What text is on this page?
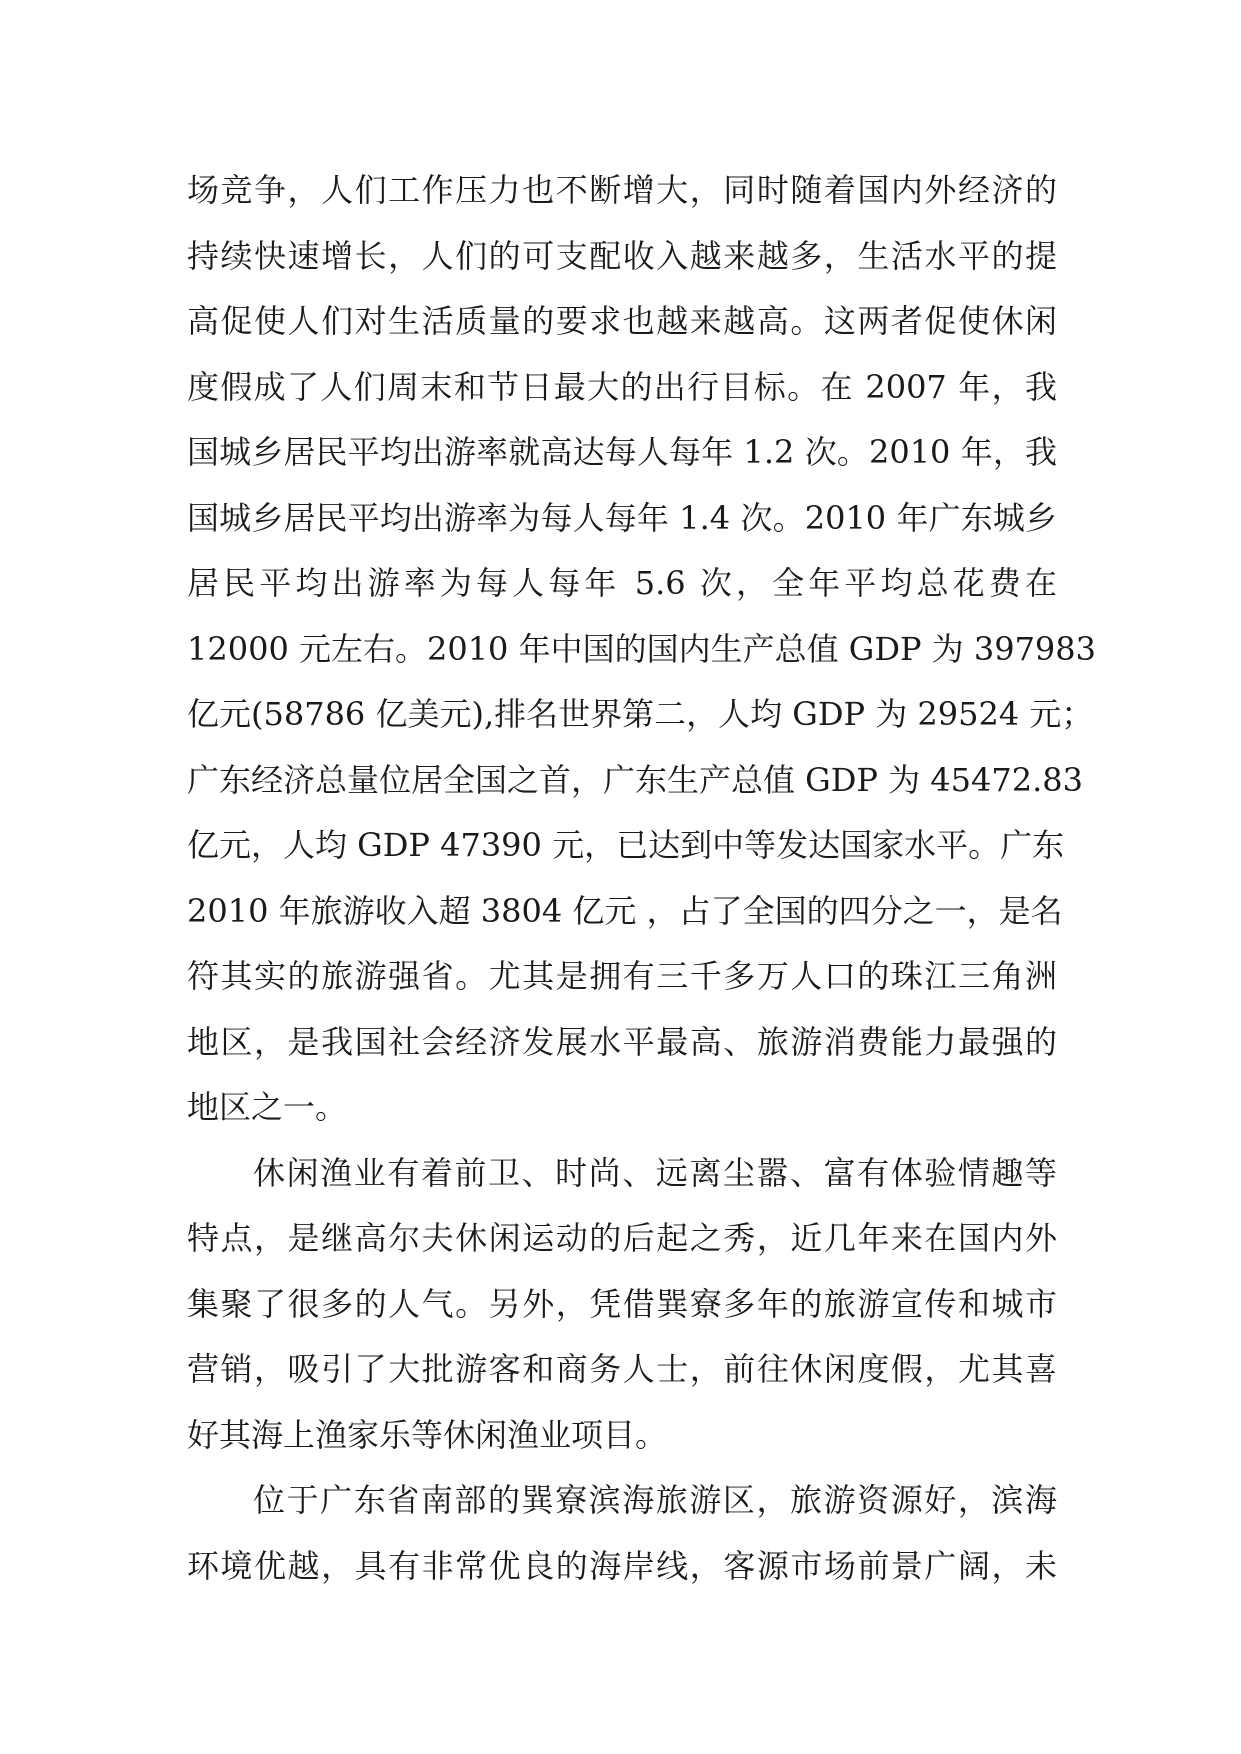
场竞争，人们工作压力也不断增大，同时随着国内外经济的
持续快速增长，人们的可支配收入越来越多，生活水平的提
高促使人们对生活质量的要求也越来越高。这两者促使休闲
度假成了人们周末和节日最大的出行目标。在 2007 年，我
国城乡居民平均出游率就高达每人每年 1.2 次。2010 年，我
国城乡居民平均出游率为每人每年 1.4 次。2010 年广东城乡
居民平均出游率为每人每年 5.6 次，全年平均总花费在
12000 元左右。2010 年中国的国内生产总值 GDP 为 397983
亿元(58786 亿美元),排名世界第二，人均 GDP 为 29524 元；
广东经济总量位居全国之首，广东生产总值 GDP 为 45472.83
亿元，人均 GDP 47390 元，已达到中等发达国家水平。广东
2010 年旅游收入超 3804 亿元 ，占了全国的四分之一，是名
符其实的旅游强省。尤其是拥有三千多万人口的珠江三角洲
地区，是我国社会经济发展水平最高、旅游消费能力最强的
地区之一。
休闲渔业有着前卫、时尚、远离尘嚣、富有体验情趣等
特点，是继高尔夫休闲运动的后起之秀，近几年来在国内外
集聚了很多的人气。另外，凭借巽寮多年的旅游宣传和城市
营销，吸引了大批游客和商务人士，前往休闲度假，尤其喜
好其海上渔家乐等休闲渔业项目。
位于广东省南部的巽寮滨海旅游区，旅游资源好，滨海
环境优越，具有非常优良的海岸线，客源市场前景广阔，未
